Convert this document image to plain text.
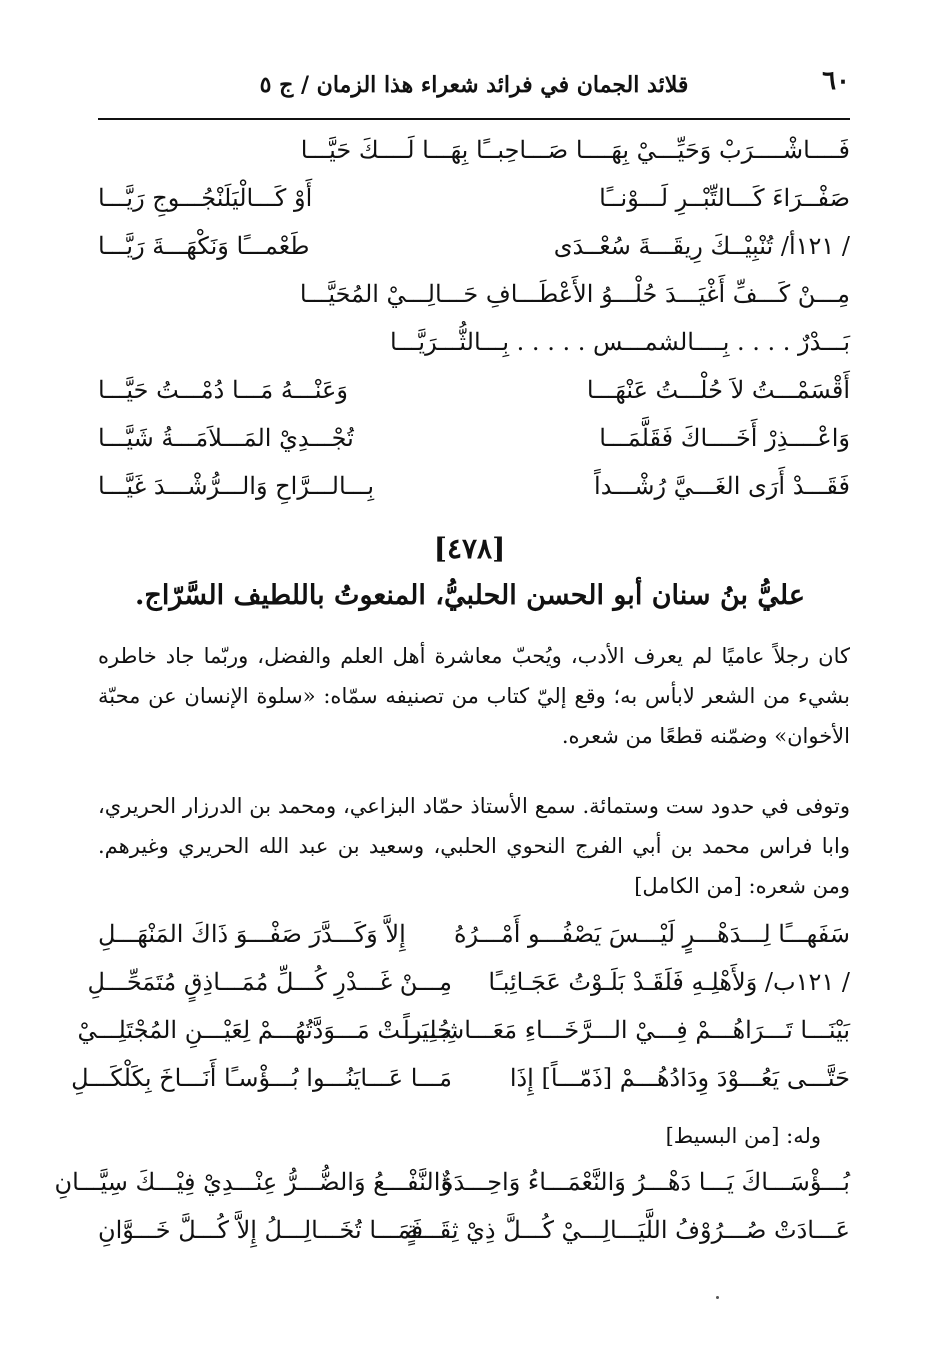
٦٠
قلائد الجمان في فرائد شعراء هذا الزمان / ج ٥
فَــــاشْــــرَبْ وَحَيِّـــيْ بِهَــــا صَـــاحِبــًا بِهَـــا لَــــكَ حَيَّـــا
صَفْــرَاءَ كَـــالتِّبْــرِ لَـــوْنــًا
أَوْ كَـــالْيَلَنْجُـــوجِ رَيَّـــا
/ ١٢١أ/ تُنْبِيْــكَ رِيقَـــةَ سُعْــدَى
طَعْمـــًا وَنَكْهَـــةَ رَيَّـــا
مِـــنْ كَـــفِّ أَغْيَـــدَ حُلْـــوُ الأَعْطَـــافِ حَـــالِـــيْ المُحَيَّـــا
بَـــدْرٌ . . . . بِــــالشمـــس . . . . . بِـــالثُّـــرَيَّـــا
أَقْسَمْـــتُ لاَ حُلْـــتُ عَنْهَـــا
وَعَنْـــهُ مَـــا دُمْـــتُ حَيَّـــا
وَاعْــــذِرْ أَخَــــاكَ فَقَلَّمَـــا
تُجْـــدِيْ المَـــلاَمَـــةُ شَيَّـــا
فَقَـــدْ أَرَى الغَـــيَّ رُشْـــداً
بِـــالـــرَّاحِ وَالـــرُّشْـــدَ غَيَّـــا
[٤٧٨]
عليُّ بنُ سنان أبو الحسن الحلبيُّ، المنعوتُ باللطيف السَّرّاج.

كان رجلاً عاميًا لم يعرف الأدب، ويُحبّ معاشرة أهل العلم والفضل، وربّما جاد خاطره بشيء من الشعر لابأس به؛ وقع إليّ كتاب من تصنيفه سمّاه: «سلوة الإنسان عن محبّة الأخوان» وضمّنه قطعًا من شعره.

وتوفى في حدود ست وستمائة. سمع الأستاذ حمّاد البزاعي، ومحمد بن الدرزار الحريري، وابا فراس محمد بن أبي الفرج النحوي الحلبي، وسعيد بن عبد الله الحريري وغيرهم. ومن شعره: [من الكامل]

سَفَهـــًا لِـــدَهْـــرٍ لَيْـــسَ يَصْفُـــو أَمْـــرُهُ
إِلاَّ وَكَـــدَّرَ صَفْـــوَ ذَاكَ المَنْهَـــلِ
/ ١٢١ب/ وَلأَهْلِـهِ فَلَقَـدْ بَلَـوْتُ عَجَـائِبـًا
مِـــنْ غَـــدْرِ كُـــلِّ مُمَـــاذِقٍ مُتَمَحِّـــلِ
بَيْنَـــا تَـــرَاهُـــمْ فِـــيْ الـــرَّخَـــاءِ مَعَـــاشِـــراً
جُلِيَـــتْ مَـــوَدَّتُهُـــمْ لِعَيْـــنِ المُجْتَلِـــيْ
حَتَّـــى يَعُـــوْدَ وِدَادُهُـــمْ [ذَمّـــاً] إِذَا
مَـــا عَـــايَنُـــوا بُـــؤْسـًا أَنَـــاخَ بِكَلْكَـــلِ
وله: [من البسيط]
بُـــؤْسَـــاكَ يَـــا دَهْـــرُ وَالنَّعْمَـــاءُ وَاحِـــدَةٌ
وَالنَّفْـــعُ وَالضُّـــرُّ عِنْـــدِيْ فِيْـــكَ سِيَّـــانِ
عَـــادَتْ صُـــرُوْفُ اللَّيَـــالِـــيْ كُـــلَّ ذِيْ ثِقَـــةٍ
فَمَـــا تُخَـــالِـــلُ إِلاَّ كُـــلَّ خَـــوَّانِ
